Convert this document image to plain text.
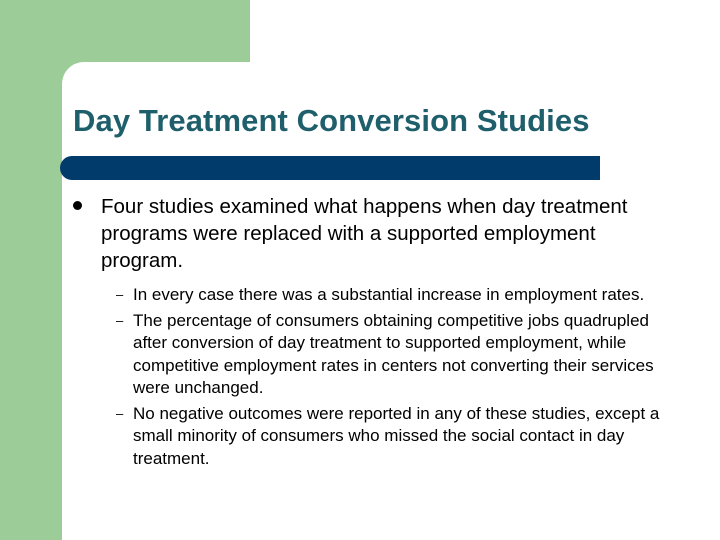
Day Treatment Conversion Studies

Four studies examined what happens when day treatment programs were replaced with a supported employment program.

– In every case there was a substantial increase in employment rates.
– The percentage of consumers obtaining competitive jobs quadrupled after conversion of day treatment to supported employment, while competitive employment rates in centers not converting their services were unchanged.
– No negative outcomes were reported in any of these studies, except a small minority of consumers who missed the social contact in day treatment.
